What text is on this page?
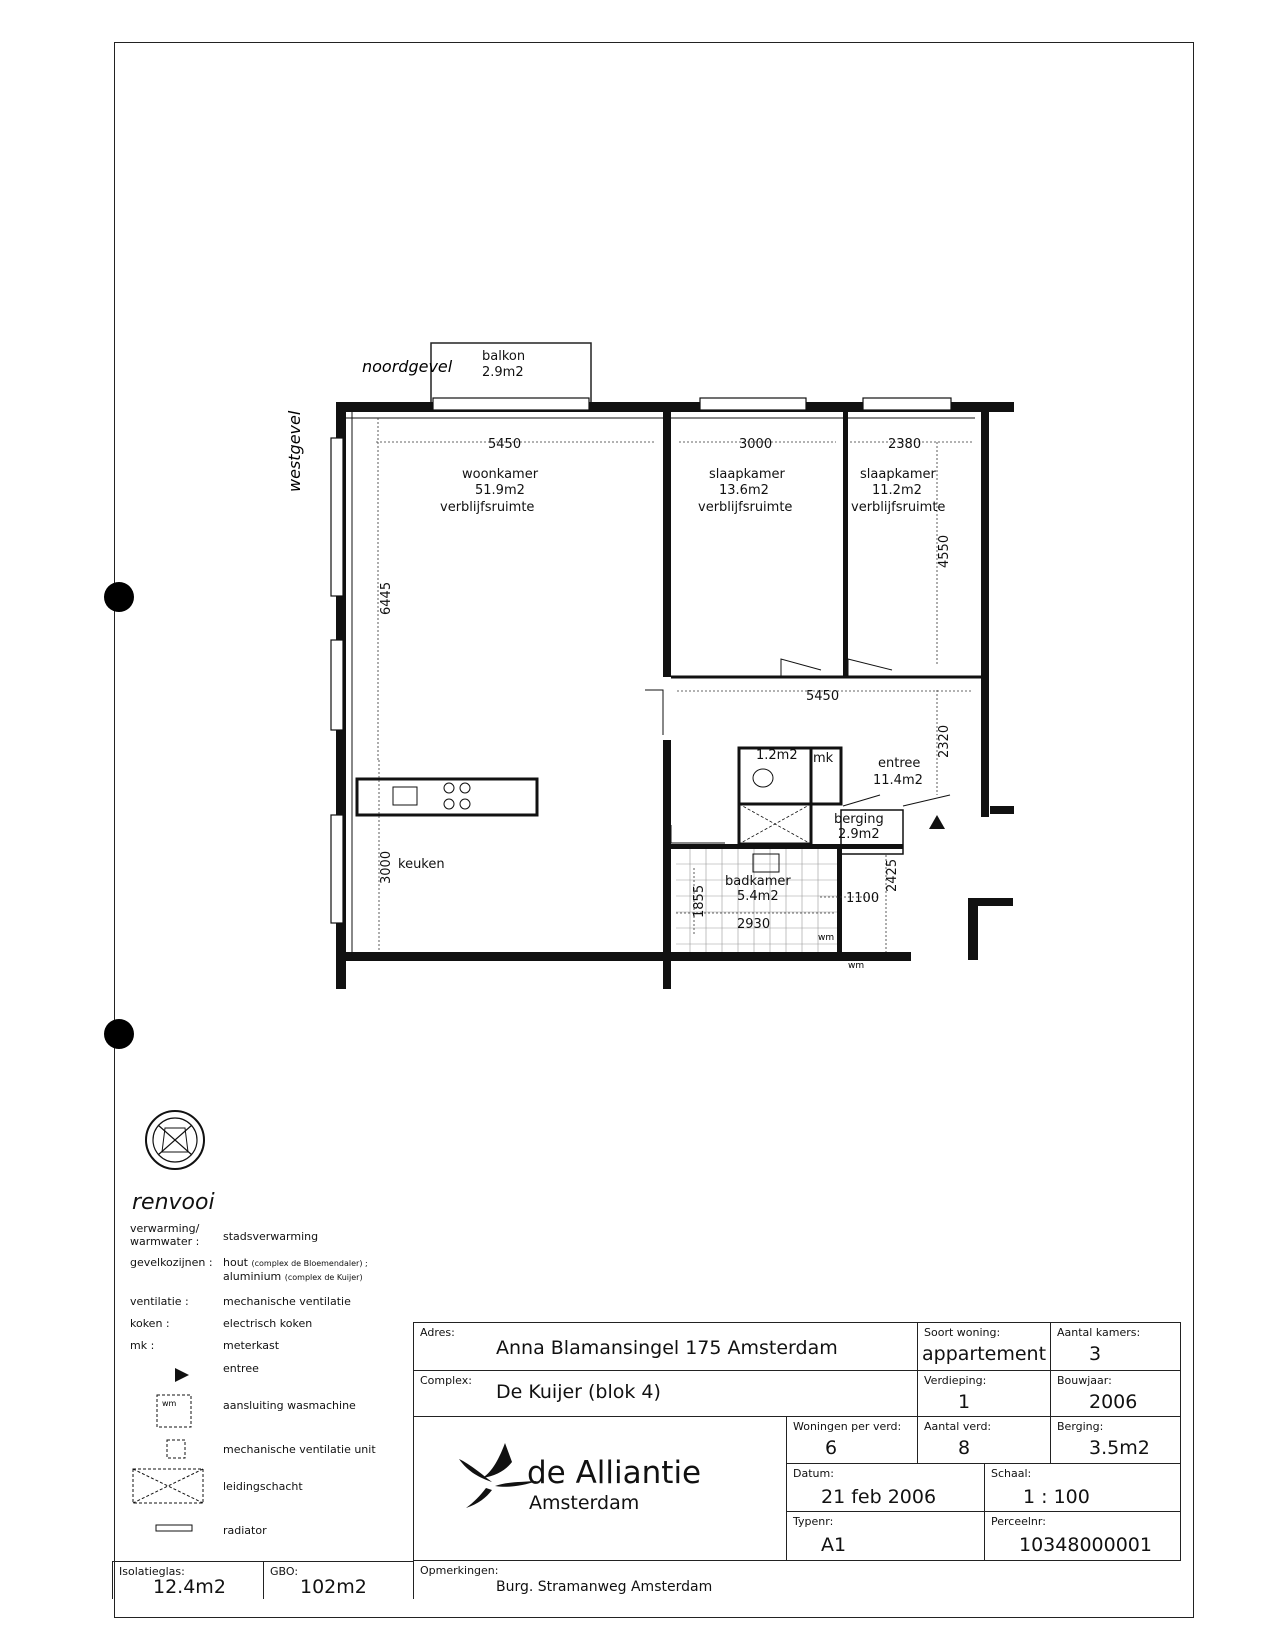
noordgevel
westgevel
balkon
2.9m2
woonkamer
51.9m2
verblijfsruimte
slaapkamer
13.6m2
verblijfsruimte
slaapkamer
11.2m2
verblijfsruimte
1.2m2 mk	entree
11.4m2
berging
2.9m2
badkamer
5.4m2
keuken
wm
wm
5450	3000	2380
4550
6445
5450
2320
3000	2425
1855	1100
2930
wm
renvooi
verwarming/ warmwater :	stadsverwarming
gevelkozijnen : hout (complex de Bloemendaler) ;
aluminium (complex de Kuijer)
ventilatie :	mechanische ventilatie
koken :	electrisch koken
mk :	meterkast
entree
aansluiting wasmachine
mechanische ventilatie unit
leidingschacht
radiator
Adres:
Anna Blamansingel 175 Amsterdam
Soort woning:
appartement
Aantal kamers:
3
Complex:
De Kuijer (blok 4)
Verdieping:
1
Bouwjaar:
2006
de Alliantie
Amsterdam
Woningen per verd:
6
Aantal verd:
8
Berging:
3.5m2
Datum:
21 feb 2006
Schaal:
1 : 100
Typenr:
A1
Perceelnr:
10348000001
Opmerkingen:
Burg. Stramanweg Amsterdam
Isolatieglas:
12.4m2
GBO:
102m2
